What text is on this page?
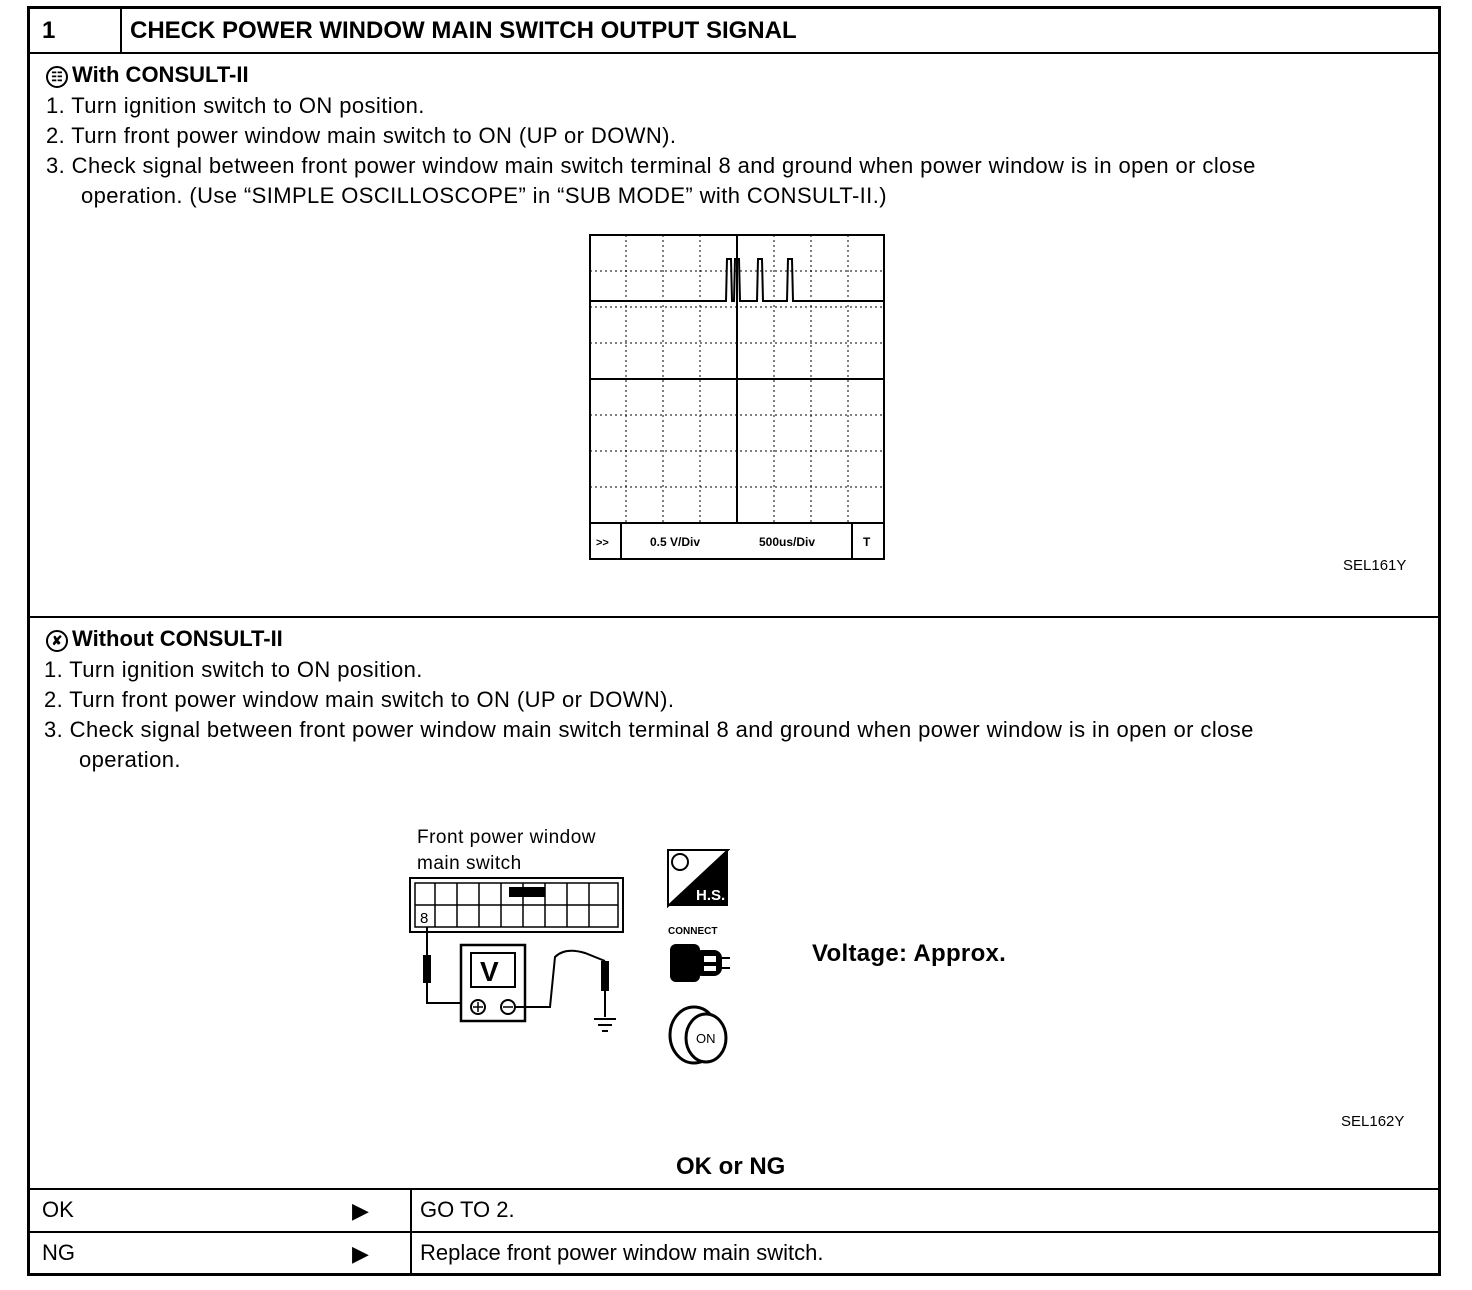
1	CHECK POWER WINDOW MAIN SWITCH OUTPUT SIGNAL
☷ With CONSULT-II
1. Turn ignition switch to ON position.
2. Turn front power window main switch to ON (UP or DOWN).
3. Check signal between front power window main switch terminal 8 and ground when power window is in open or close
operation. (Use “SIMPLE OSCILLOSCOPE” in “SUB MODE” with CONSULT-II.)
>>	0.5 V/Div	500us/Div	T
SEL161Y
✘ Without CONSULT-II
1. Turn ignition switch to ON position.
2. Turn front power window main switch to ON (UP or DOWN).
3. Check signal between front power window main switch terminal 8 and ground when power window is in open or close
operation.
Front power window
main switch
8
V
H.S.
CONNECT
ON
Voltage: Approx.
SEL162Y
OK or NG
OK	▶ GO TO 2.
NG	▶ Replace front power window main switch.
